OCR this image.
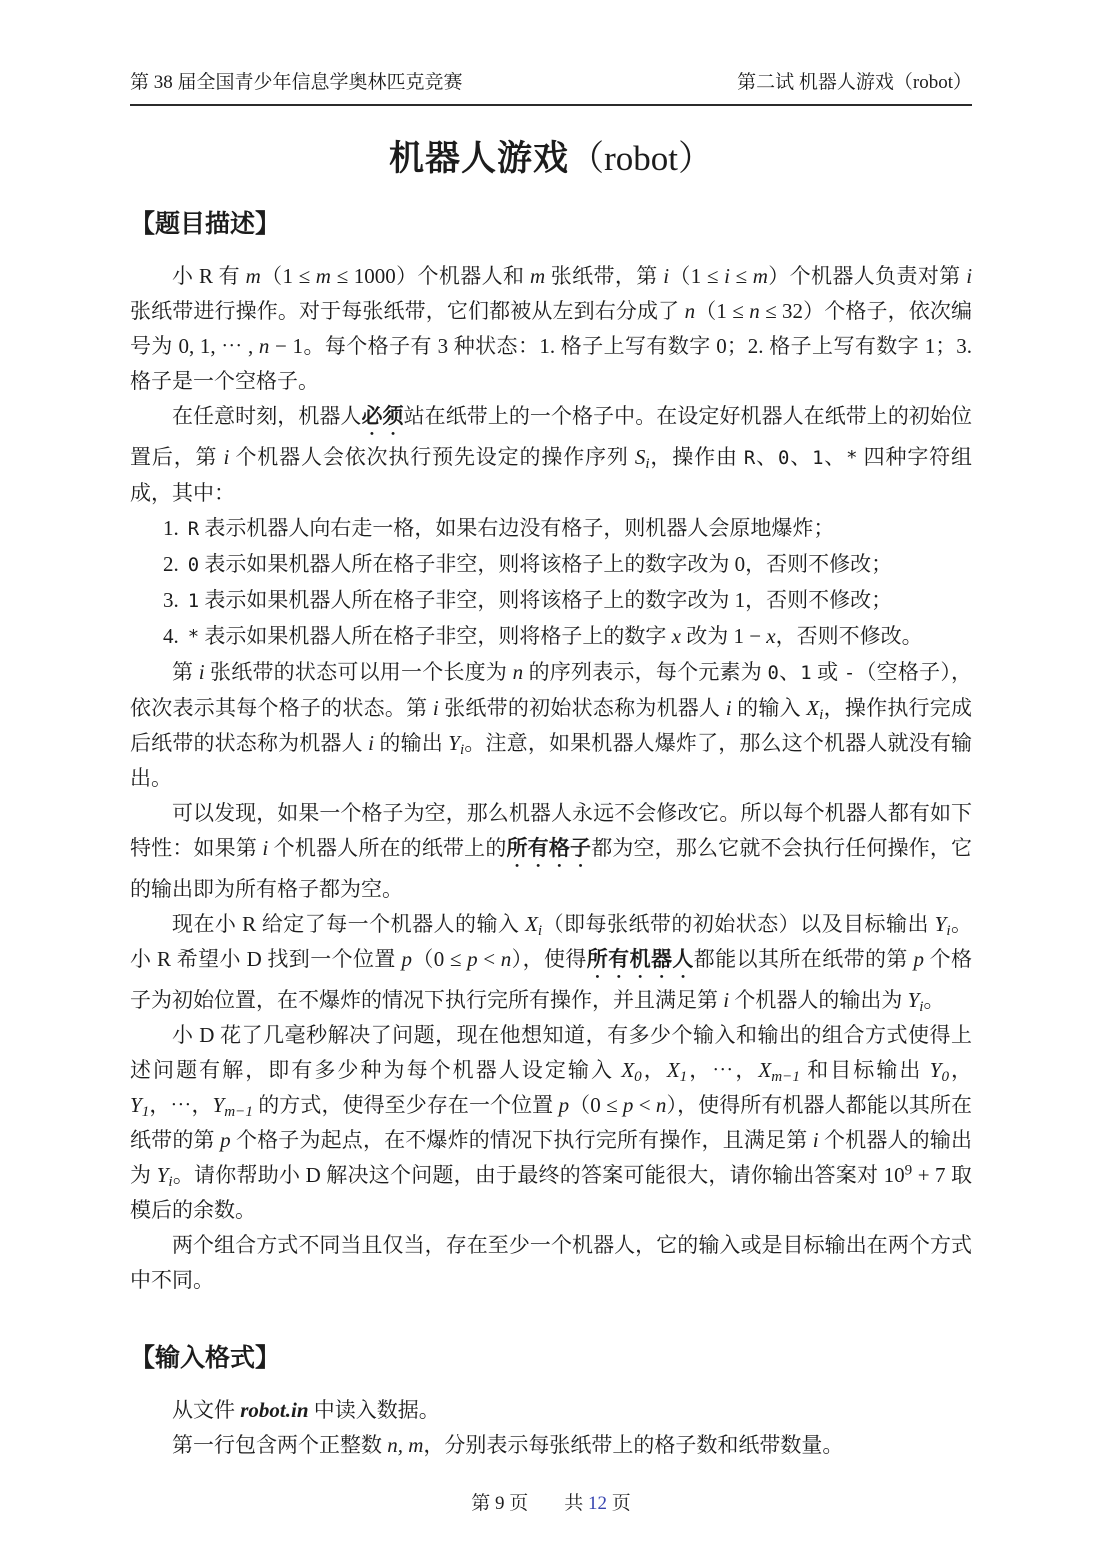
第 38 届全国青少年信息学奥林匹克竞赛	第二试 机器人游戏（robot）
机器人游戏（robot）
【题目描述】

小 R 有 m（1 ≤ m ≤ 1000）个机器人和 m 张纸带，第 i（1 ≤ i ≤ m）个机器人负责对第 i 张纸带进行操作。对于每张纸带，它们都被从左到右分成了 n（1 ≤ n ≤ 32）个格子，依次编号为 0, 1, ⋯ , n − 1。每个格子有 3 种状态：1. 格子上写有数字 0；2. 格子上写有数字 1；3. 格子是一个空格子。

在任意时刻，机器人必须站在纸带上的一个格子中。在设定好机器人在纸带上的初始位置后，第 i 个机器人会依次执行预先设定的操作序列 $S_i$，操作由 R、0、1、* 四种字符组成，其中：

1. R 表示机器人向右走一格，如果右边没有格子，则机器人会原地爆炸；
2. 0 表示如果机器人所在格子非空，则将该格子上的数字改为 0，否则不修改；
3. 1 表示如果机器人所在格子非空，则将该格子上的数字改为 1，否则不修改；
4. * 表示如果机器人所在格子非空，则将格子上的数字 x 改为 1 − x，否则不修改。

第 i 张纸带的状态可以用一个长度为 n 的序列表示，每个元素为 0、1 或 -（空格子），依次表示其每个格子的状态。第 i 张纸带的初始状态称为机器人 i 的输入 $X_i$，操作执行完成后纸带的状态称为机器人 i 的输出 $Y_i$。注意，如果机器人爆炸了，那么这个机器人就没有输出。

可以发现，如果一个格子为空，那么机器人永远不会修改它。所以每个机器人都有如下特性：如果第 i 个机器人所在的纸带上的所有格子都为空，那么它就不会执行任何操作，它的输出即为所有格子都为空。

现在小 R 给定了每一个机器人的输入 $X_i$（即每张纸带的初始状态）以及目标输出 $Y_i$。小 R 希望小 D 找到一个位置 p（0 ≤ p < n），使得所有机器人都能以其所在纸带的第 p 个格子为初始位置，在不爆炸的情况下执行完所有操作，并且满足第 i 个机器人的输出为 $Y_i$。

小 D 花了几毫秒解决了问题，现在他想知道，有多少个输入和输出的组合方式使得上述问题有解，即有多少种为每个机器人设定输入 $X_0$，$X_1$，⋯，$X_{m-1}$ 和目标输出 $Y_0$，$Y_1$，⋯，$Y_{m-1}$ 的方式，使得至少存在一个位置 p（0 ≤ p < n），使得所有机器人都能以其所在纸带的第 p 个格子为起点，在不爆炸的情况下执行完所有操作，且满足第 i 个机器人的输出为 $Y_i$。请你帮助小 D 解决这个问题，由于最终的答案可能很大，请你输出答案对 $10^9 + 7$ 取模后的余数。

两个组合方式不同当且仅当，存在至少一个机器人，它的输入或是目标输出在两个方式中不同。

【输入格式】

从文件 robot.in 中读入数据。

第一行包含两个正整数 n, m，分别表示每张纸带上的格子数和纸带数量。

第 9 页 共 12 页
